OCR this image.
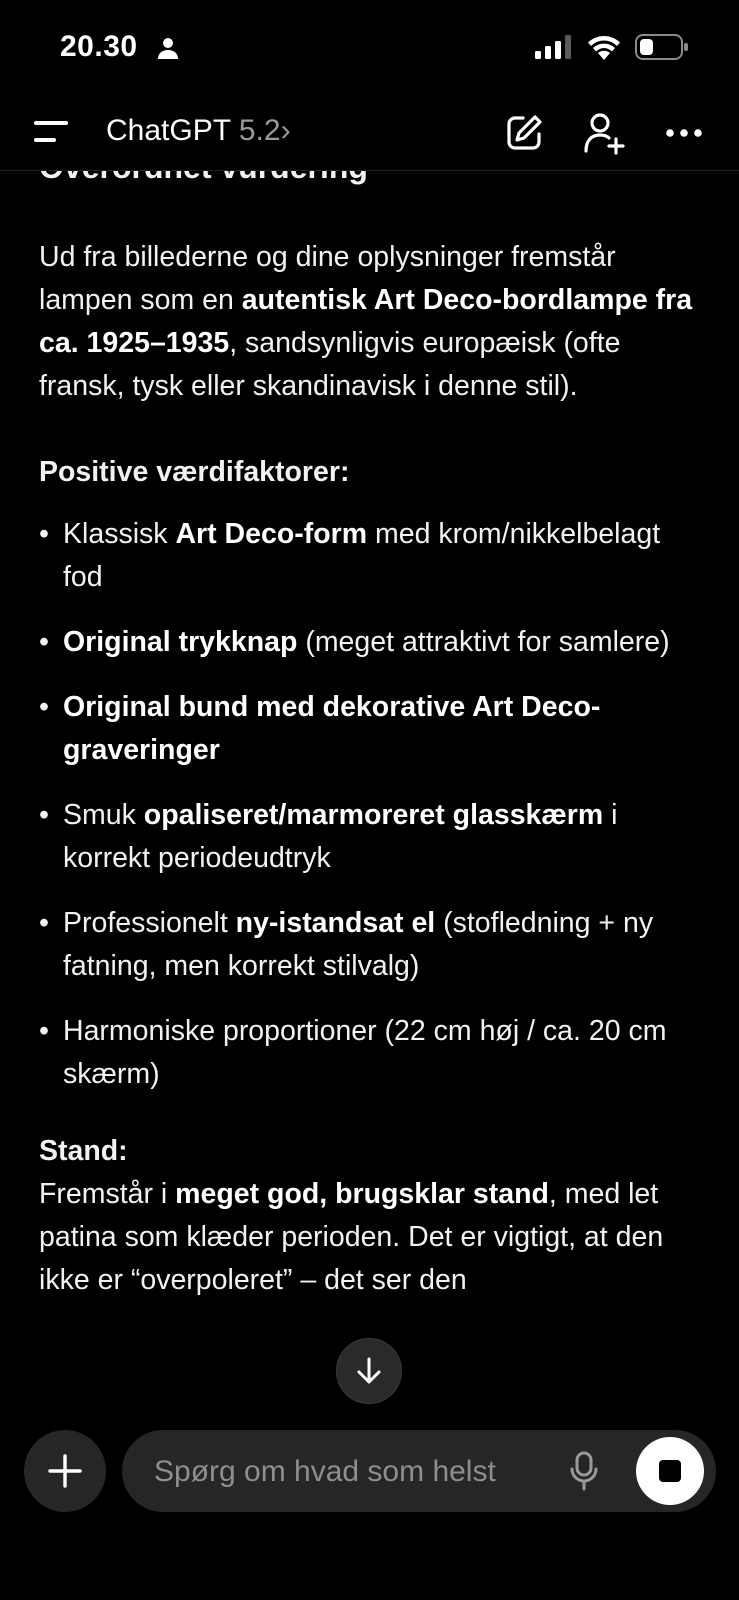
20.30
ChatGPT 5.2›

Ud fra billederne og dine oplysninger fremstår lampen som en autentisk Art Deco-bordlampe fra ca. 1925–1935, sandsynligvis europæisk (ofte fransk, tysk eller skandinavisk i denne stil).

Positive værdifaktorer:

• Klassisk Art Deco-form med krom/nikkelbelagt fod
• Original trykknap (meget attraktivt for samlere)
• Original bund med dekorative Art Deco-graveringer
• Smuk opaliseret/marmoreret glasskærm i korrekt periodeudtryk
• Professionelt ny-istandsat el (stofledning + ny fatning, men korrekt stilvalg)
• Harmoniske proportioner (22 cm høj / ca. 20 cm skærm)

Stand:

Fremstår i meget god, brugsklar stand, med let patina som klæder perioden. Det er vigtigt, at den ikke er “overpoleret” – det ser den

Spørg om hvad som helst
